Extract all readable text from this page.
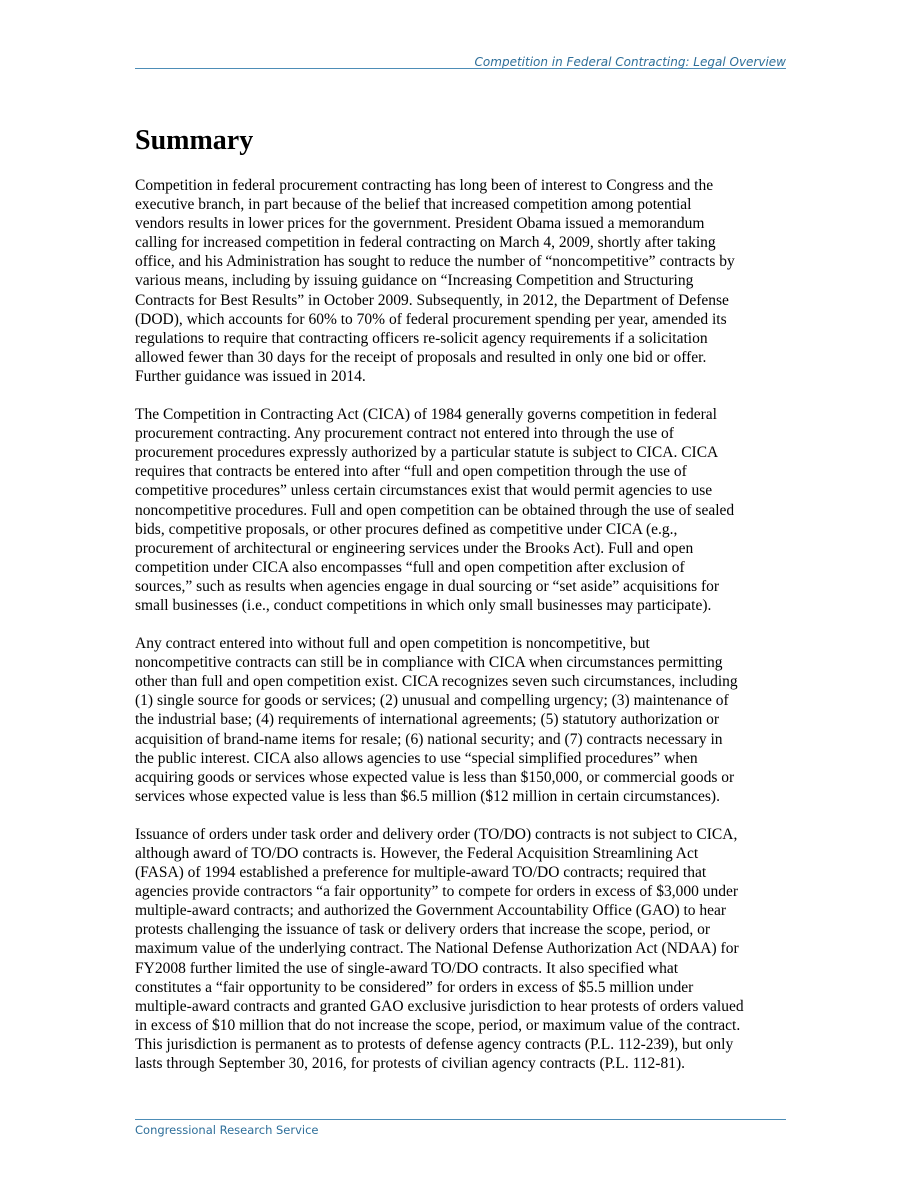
Competition in Federal Contracting: Legal Overview
Summary

Competition in federal procurement contracting has long been of interest to Congress and the
executive branch, in part because of the belief that increased competition among potential
vendors results in lower prices for the government. President Obama issued a memorandum
calling for increased competition in federal contracting on March 4, 2009, shortly after taking
office, and his Administration has sought to reduce the number of “noncompetitive” contracts by
various means, including by issuing guidance on “Increasing Competition and Structuring
Contracts for Best Results” in October 2009. Subsequently, in 2012, the Department of Defense
(DOD), which accounts for 60% to 70% of federal procurement spending per year, amended its
regulations to require that contracting officers re-solicit agency requirements if a solicitation
allowed fewer than 30 days for the receipt of proposals and resulted in only one bid or offer.
Further guidance was issued in 2014.

The Competition in Contracting Act (CICA) of 1984 generally governs competition in federal
procurement contracting. Any procurement contract not entered into through the use of
procurement procedures expressly authorized by a particular statute is subject to CICA. CICA
requires that contracts be entered into after “full and open competition through the use of
competitive procedures” unless certain circumstances exist that would permit agencies to use
noncompetitive procedures. Full and open competition can be obtained through the use of sealed
bids, competitive proposals, or other procures defined as competitive under CICA (e.g.,
procurement of architectural or engineering services under the Brooks Act). Full and open
competition under CICA also encompasses “full and open competition after exclusion of
sources,” such as results when agencies engage in dual sourcing or “set aside” acquisitions for
small businesses (i.e., conduct competitions in which only small businesses may participate).

Any contract entered into without full and open competition is noncompetitive, but
noncompetitive contracts can still be in compliance with CICA when circumstances permitting
other than full and open competition exist. CICA recognizes seven such circumstances, including
(1) single source for goods or services; (2) unusual and compelling urgency; (3) maintenance of
the industrial base; (4) requirements of international agreements; (5) statutory authorization or
acquisition of brand-name items for resale; (6) national security; and (7) contracts necessary in
the public interest. CICA also allows agencies to use “special simplified procedures” when
acquiring goods or services whose expected value is less than $150,000, or commercial goods or
services whose expected value is less than $6.5 million ($12 million in certain circumstances).

Issuance of orders under task order and delivery order (TO/DO) contracts is not subject to CICA,
although award of TO/DO contracts is. However, the Federal Acquisition Streamlining Act
(FASA) of 1994 established a preference for multiple-award TO/DO contracts; required that
agencies provide contractors “a fair opportunity” to compete for orders in excess of $3,000 under
multiple-award contracts; and authorized the Government Accountability Office (GAO) to hear
protests challenging the issuance of task or delivery orders that increase the scope, period, or
maximum value of the underlying contract. The National Defense Authorization Act (NDAA) for
FY2008 further limited the use of single-award TO/DO contracts. It also specified what
constitutes a “fair opportunity to be considered” for orders in excess of $5.5 million under
multiple-award contracts and granted GAO exclusive jurisdiction to hear protests of orders valued
in excess of $10 million that do not increase the scope, period, or maximum value of the contract.
This jurisdiction is permanent as to protests of defense agency contracts (P.L. 112-239), but only
lasts through September 30, 2016, for protests of civilian agency contracts (P.L. 112-81).

Congressional Research Service
